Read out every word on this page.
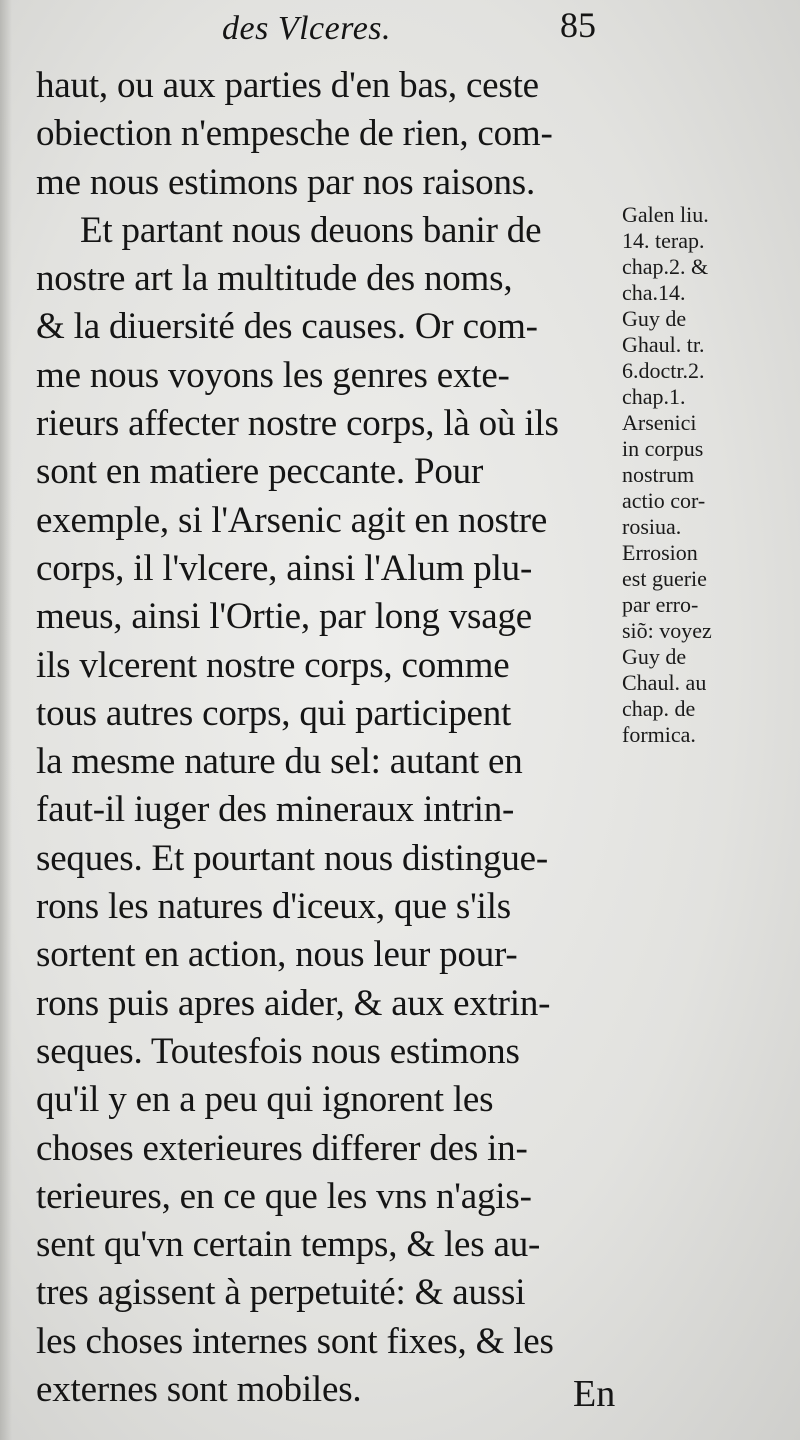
des Vlceres.	85
haut, ou aux parties d'en bas, ceste
obiection n'empesche de rien, com-
me nous estimons par nos raisons.
Et partant nous deuons banir de
nostre art la multitude des noms,
& la diuersité des causes. Or com-
me nous voyons les genres exte-
rieurs affecter nostre corps, là où ils
sont en matiere peccante. Pour
exemple, si l'Arsenic agit en nostre
corps, il l'vlcere, ainsi l'Alum plu-
meus, ainsi l'Ortie, par long vsage
ils vlcerent nostre corps, comme
tous autres corps, qui participent
la mesme nature du sel: autant en
faut-il iuger des mineraux intrin-
seques. Et pourtant nous distingue-
rons les natures d'iceux, que s'ils
sortent en action, nous leur pour-
rons puis apres aider, & aux extrin-
seques. Toutesfois nous estimons
qu'il y en a peu qui ignorent les
choses exterieures differer des in-
terieures, en ce que les vns n'agis-
sent qu'vn certain temps, & les au-
tres agissent à perpetuité: & aussi
les choses internes sont fixes, & les
externes sont mobiles.
Galen liu.
14. terap.
chap.2. &
cha.14.
Guy de
Ghaul. tr.
6.doctr.2.
chap.1.
Arsenici
in corpus
nostrum
actio cor-
rosiua.
Errosion
est guerie
par erro-
siõ: voyez
Guy de
Chaul. au
chap. de
formica.
En
